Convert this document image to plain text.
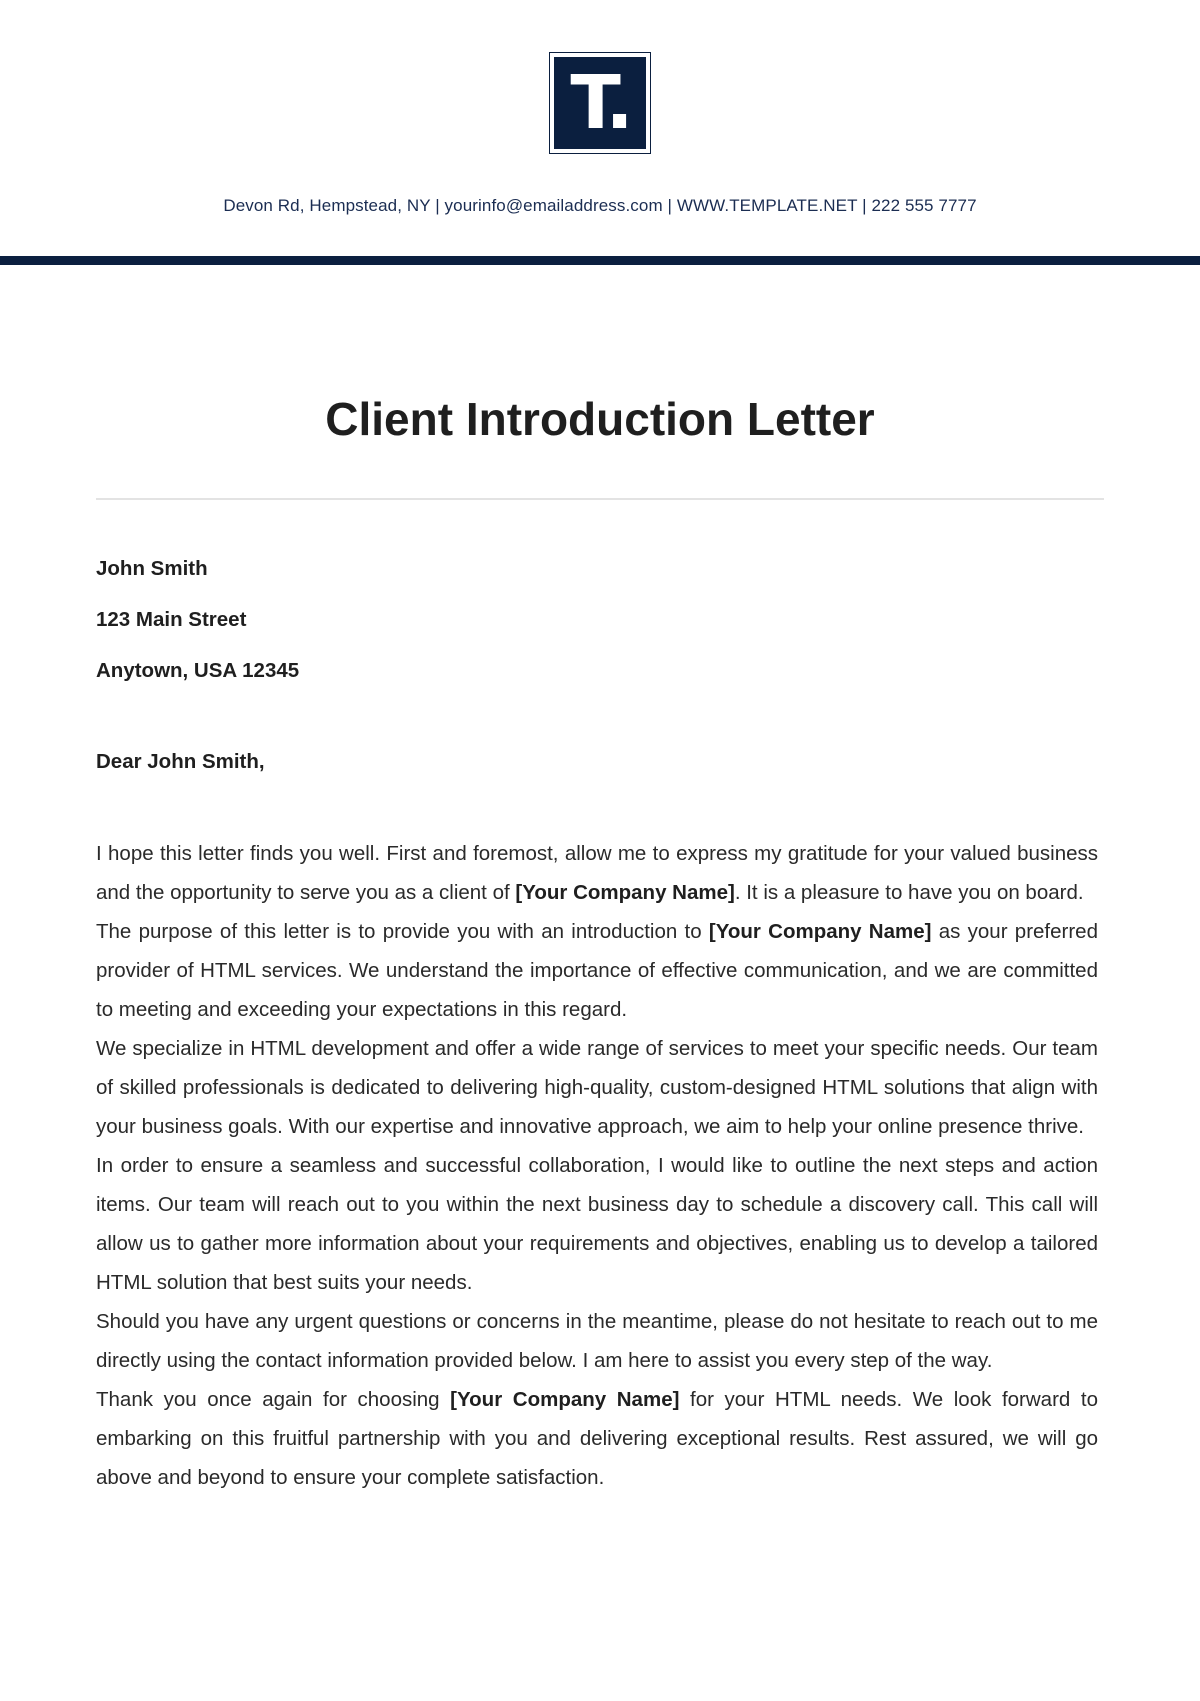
T.
Devon Rd, Hempstead, NY | yourinfo@emailaddress.com | WWW.TEMPLATE.NET | 222 555 7777
Client Introduction Letter
John Smith
123 Main Street
Anytown, USA 12345
Dear John Smith,

I hope this letter finds you well. First and foremost, allow me to express my gratitude for your valued business and the opportunity to serve you as a client of [Your Company Name]. It is a pleasure to have you on board.

The purpose of this letter is to provide you with an introduction to [Your Company Name] as your preferred provider of HTML services. We understand the importance of effective communication, and we are committed to meeting and exceeding your expectations in this regard.

We specialize in HTML development and offer a wide range of services to meet your specific needs. Our team of skilled professionals is dedicated to delivering high-quality, custom-designed HTML solutions that align with your business goals. With our expertise and innovative approach, we aim to help your online presence thrive.

In order to ensure a seamless and successful collaboration, I would like to outline the next steps and action items. Our team will reach out to you within the next business day to schedule a discovery call. This call will allow us to gather more information about your requirements and objectives, enabling us to develop a tailored HTML solution that best suits your needs.

Should you have any urgent questions or concerns in the meantime, please do not hesitate to reach out to me directly using the contact information provided below. I am here to assist you every step of the way.

Thank you once again for choosing [Your Company Name] for your HTML needs. We look forward to embarking on this fruitful partnership with you and delivering exceptional results. Rest assured, we will go above and beyond to ensure your complete satisfaction.
